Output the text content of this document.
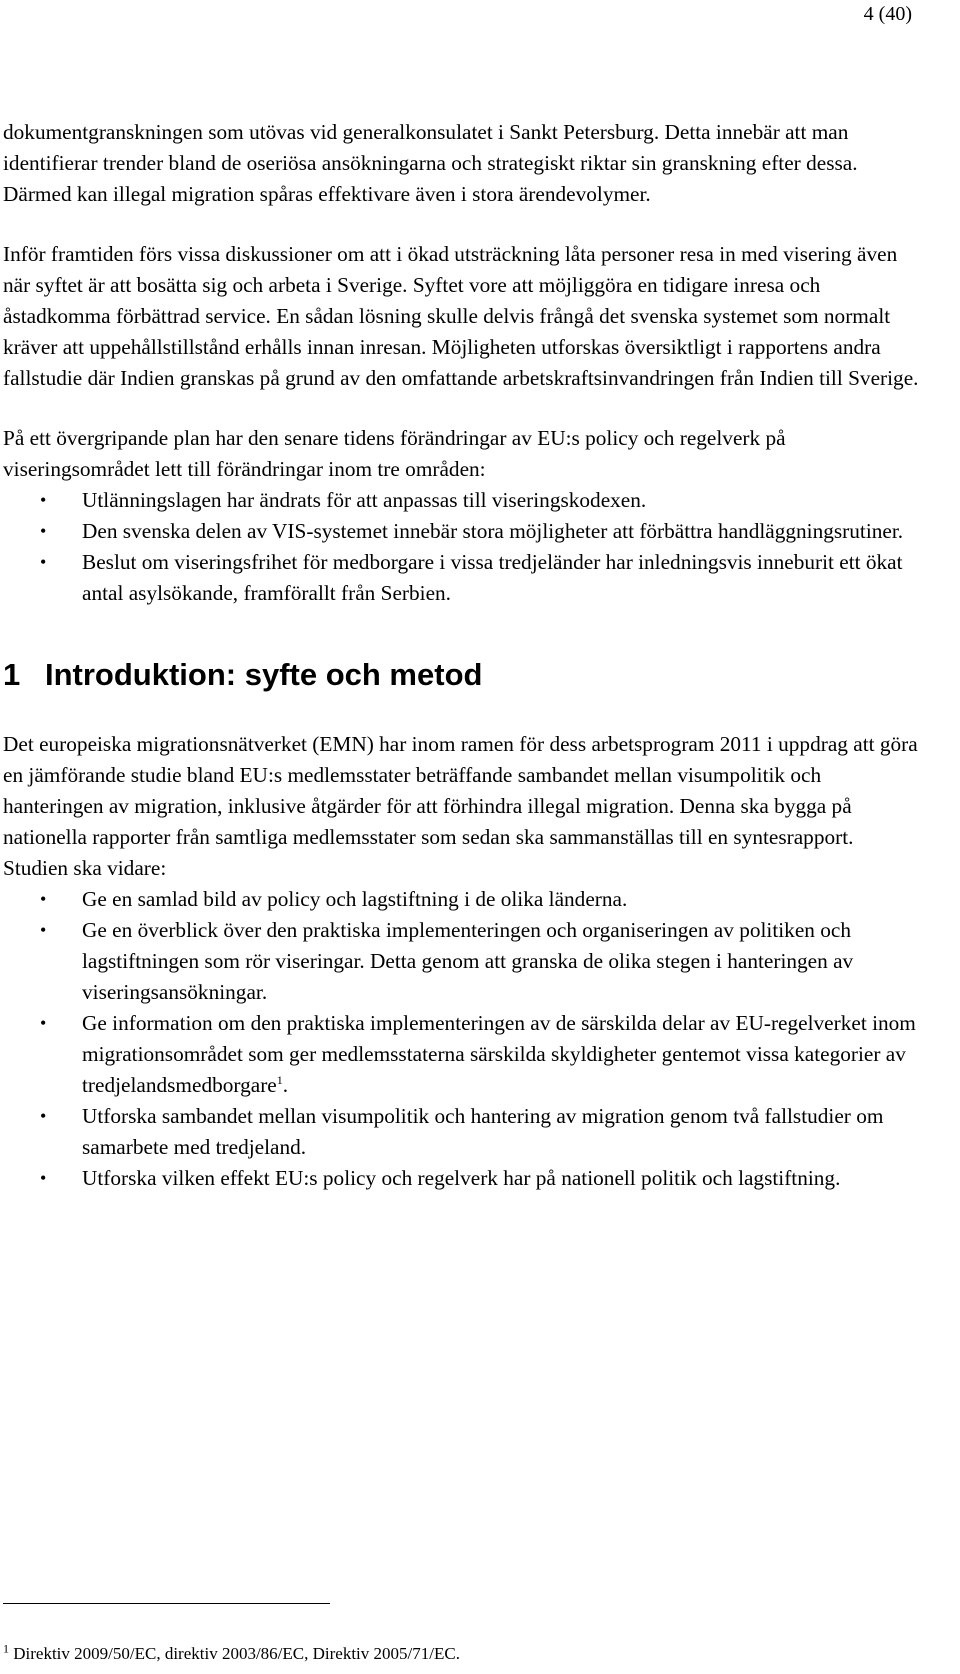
4 (40)

dokumentgranskningen som utövas vid generalkonsulatet i Sankt Petersburg. Detta innebär att man identifierar trender bland de oseriösa ansökningarna och strategiskt riktar sin granskning efter dessa. Därmed kan illegal migration spåras effektivare även i stora ärendevolymer.

Inför framtiden förs vissa diskussioner om att i ökad utsträckning låta personer resa in med visering även när syftet är att bosätta sig och arbeta i Sverige. Syftet vore att möjliggöra en tidigare inresa och åstadkomma förbättrad service. En sådan lösning skulle delvis frångå det svenska systemet som normalt kräver att uppehållstillstånd erhålls innan inresan. Möjligheten utforskas översiktligt i rapportens andra fallstudie där Indien granskas på grund av den omfattande arbetskraftsinvandringen från Indien till Sverige.

På ett övergripande plan har den senare tidens förändringar av EU:s policy och regelverk på viseringsområdet lett till förändringar inom tre områden:

• Utlänningslagen har ändrats för att anpassas till viseringskodexen.
• Den svenska delen av VIS-systemet innebär stora möjligheter att förbättra handläggningsrutiner.
• Beslut om viseringsfrihet för medborgare i vissa tredjeländer har inledningsvis inneburit ett ökat antal asylsökande, framförallt från Serbien.
1 Introduktion: syfte och metod

Det europeiska migrationsnätverket (EMN) har inom ramen för dess arbetsprogram 2011 i uppdrag att göra en jämförande studie bland EU:s medlemsstater beträffande sambandet mellan visumpolitik och hanteringen av migration, inklusive åtgärder för att förhindra illegal migration. Denna ska bygga på nationella rapporter från samtliga medlemsstater som sedan ska sammanställas till en syntesrapport. Studien ska vidare:

• Ge en samlad bild av policy och lagstiftning i de olika länderna.
• Ge en överblick över den praktiska implementeringen och organiseringen av politiken och lagstiftningen som rör viseringar. Detta genom att granska de olika stegen i hanteringen av viseringsansökningar.
• Ge information om den praktiska implementeringen av de särskilda delar av EU-regelverket inom migrationsområdet som ger medlemsstaterna särskilda skyldigheter gentemot vissa kategorier av tredjelandsmedborgare$^1$.
• Utforska sambandet mellan visumpolitik och hantering av migration genom två fallstudier om samarbete med tredjeland.
• Utforska vilken effekt EU:s policy och regelverk har på nationell politik och lagstiftning.
$^1$ Direktiv 2009/50/EC, direktiv 2003/86/EC, Direktiv 2005/71/EC.
